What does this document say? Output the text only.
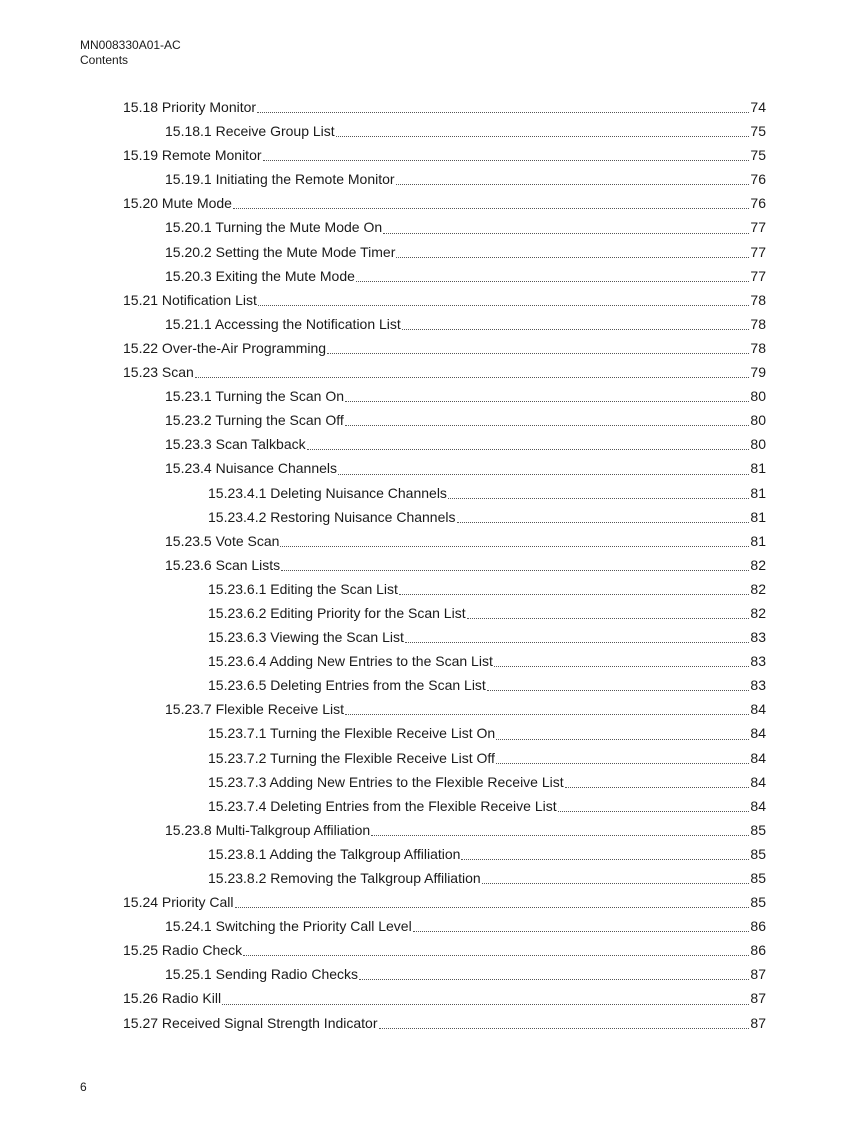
MN008330A01-AC
Contents
15.18 Priority Monitor	74
15.18.1 Receive Group List	75
15.19 Remote Monitor	75
15.19.1 Initiating the Remote Monitor	76
15.20 Mute Mode	76
15.20.1 Turning the Mute Mode On	77
15.20.2 Setting the Mute Mode Timer	77
15.20.3 Exiting the Mute Mode	77
15.21 Notification List	78
15.21.1 Accessing the Notification List	78
15.22 Over-the-Air Programming	78
15.23 Scan	79
15.23.1 Turning the Scan On	80
15.23.2 Turning the Scan Off	80
15.23.3 Scan Talkback	80
15.23.4 Nuisance Channels	81
15.23.4.1 Deleting Nuisance Channels	81
15.23.4.2 Restoring Nuisance Channels	81
15.23.5 Vote Scan	81
15.23.6 Scan Lists	82
15.23.6.1 Editing the Scan List	82
15.23.6.2 Editing Priority for the Scan List	82
15.23.6.3 Viewing the Scan List	83
15.23.6.4 Adding New Entries to the Scan List	83
15.23.6.5 Deleting Entries from the Scan List	83
15.23.7 Flexible Receive List	84
15.23.7.1 Turning the Flexible Receive List On	84
15.23.7.2 Turning the Flexible Receive List Off	84
15.23.7.3 Adding New Entries to the Flexible Receive List	84
15.23.7.4 Deleting Entries from the Flexible Receive List	84
15.23.8 Multi-Talkgroup Affiliation	85
15.23.8.1 Adding the Talkgroup Affiliation	85
15.23.8.2 Removing the Talkgroup Affiliation	85
15.24 Priority Call	85
15.24.1 Switching the Priority Call Level	86
15.25 Radio Check	86
15.25.1 Sending Radio Checks	87
15.26 Radio Kill	87
15.27 Received Signal Strength Indicator	87
6
